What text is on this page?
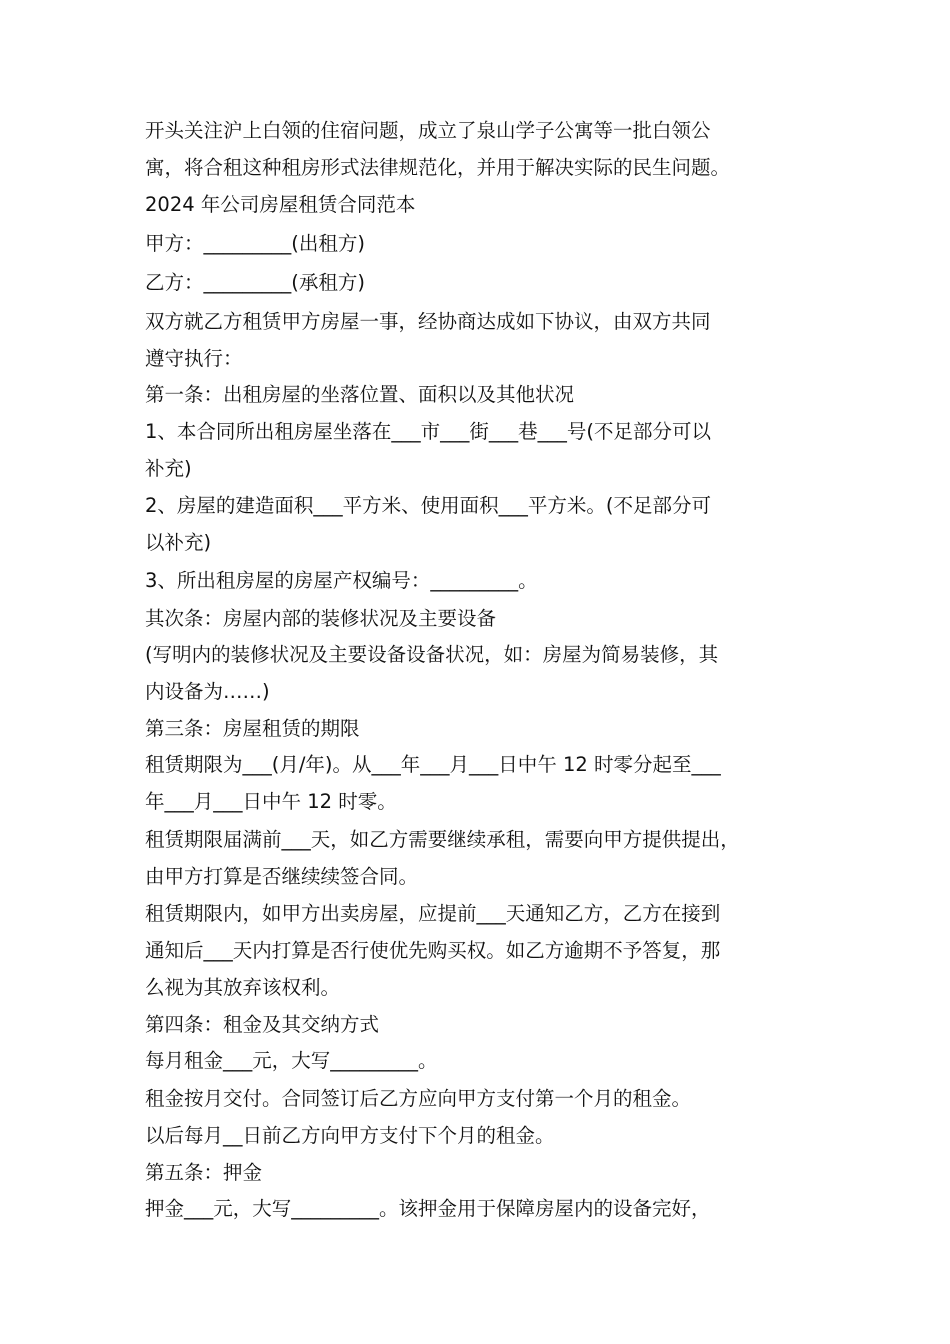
开头关注沪上白领的住宿问题，成立了泉山学子公寓等一批白领公
寓，将合租这种租房形式法律规范化，并用于解决实际的民生问题。
2024 年公司房屋租赁合同范本
甲方：_________(出租方)
乙方：_________(承租方)
双方就乙方租赁甲方房屋一事，经协商达成如下协议，由双方共同
遵守执行：
第一条：出租房屋的坐落位置、面积以及其他状况
1、本合同所出租房屋坐落在___市___街___巷___号(不足部分可以
补充)
2、房屋的建造面积___平方米、使用面积___平方米。(不足部分可
以补充)
3、所出租房屋的房屋产权编号：_________。
其次条：房屋内部的装修状况及主要设备
(写明内的装修状况及主要设备设备状况，如：房屋为简易装修，其
内设备为……)
第三条：房屋租赁的期限
租赁期限为___(月/年)。从___年___月___日中午 12 时零分起至___
年___月___日中午 12 时零。
租赁期限届满前___天，如乙方需要继续承租，需要向甲方提供提出，
由甲方打算是否继续续签合同。
租赁期限内，如甲方出卖房屋，应提前___天通知乙方，乙方在接到
通知后___天内打算是否行使优先购买权。如乙方逾期不予答复，那
么视为其放弃该权利。
第四条：租金及其交纳方式
每月租金___元，大写_________。
租金按月交付。合同签订后乙方应向甲方支付第一个月的租金。
以后每月__日前乙方向甲方支付下个月的租金。
第五条：押金
押金___元，大写_________。该押金用于保障房屋内的设备完好，
